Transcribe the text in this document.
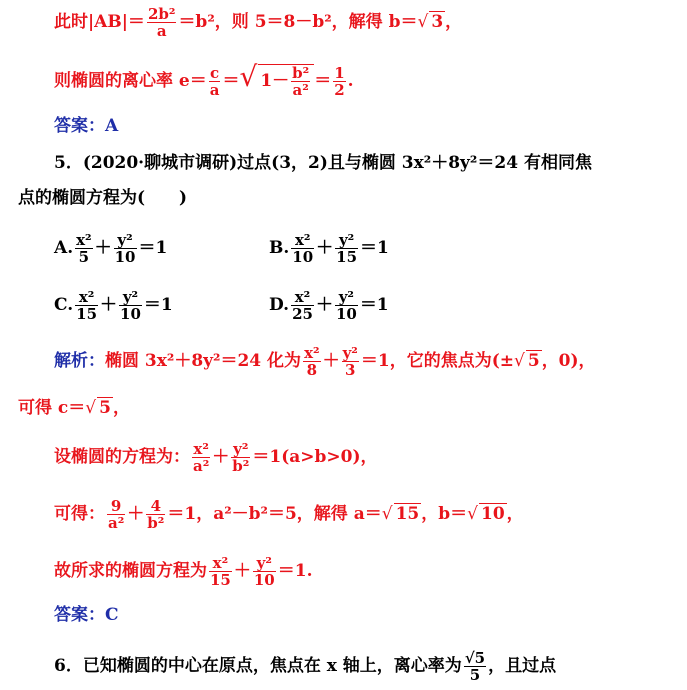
此时$|AB|= \frac{\text{2b²}}{a} =b^2$，则 5＝8－b²，解得 b＝√ 3 ，
则椭圆的离心率 $e= \frac{c}{a}$ ＝√ $1- \frac{\text{b²}}{\text{a²}} = \frac{1}{2}$ .
答案：A
5．(2020·聊城市调研)过点(3，2)且与椭圆 3x²＋8y²＝24 有相同焦
点的椭圆方程为(　　)
A. $\frac{\text{x²}}{5} + \frac{\text{y²}}{10} =1$	B. $\frac{\text{x²}}{10} + \frac{\text{y²}}{15} =1$
C. $\frac{\text{x²}}{15} + \frac{\text{y²}}{10} =1$	D. $\frac{\text{x²}}{25} + \frac{\text{y²}}{10} =1$
解析：椭圆 3x²＋8y²＝24 化为 $\frac{\text{x²}}{8} + \frac{\text{y²}}{3} =1$，它的焦点为(±√ 5 ，0)，
可得 c＝√ 5 ，
设椭圆的方程为： $\frac{\text{x²}}{\text{a²}} + \frac{\text{y²}}{\text{b²}} =1(a>b>0)$，
可得： $\frac{9}{\text{a²}} + \frac{4}{\text{b²}} =1$，a²－b²＝5，解得 a＝√ 15 ，b＝√ 10 ，
故所求的椭圆方程为 $\frac{\text{x²}}{15} + \frac{\text{y²}}{10} =1$.
答案：C
6．已知椭圆的中心在原点，焦点在 x 轴上，离心率为 $\frac{√5}{5}$ ，且过点
